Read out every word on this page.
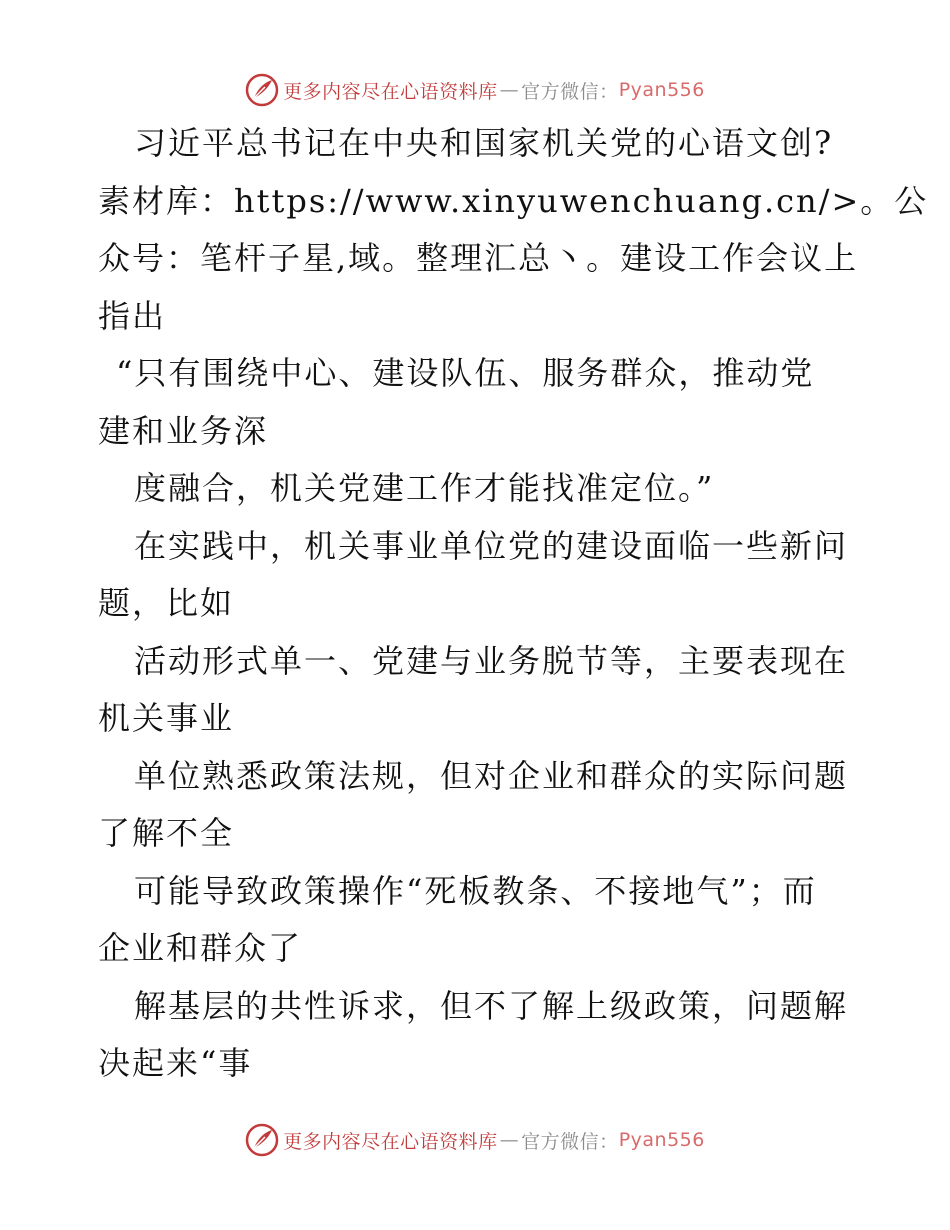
更多内容尽在心语资料库 — 官方微信： Pyan556
习近平总书记在中央和国家机关党的心语文创?
素材库：https://www.xinyuwenchuang.cn/>。公
众号：笔杆子星,域。整理汇总丶。建设工作会议上
指出
“只有围绕中心、建设队伍、服务群众，推动党
建和业务深
度融合，机关党建工作才能找准定位。”
在实践中，机关事业单位党的建设面临一些新问
题，比如
活动形式单一、党建与业务脱节等，主要表现在
机关事业
单位熟悉政策法规，但对企业和群众的实际问题
了解不全
可能导致政策操作“死板教条、不接地气”；而
企业和群众了
解基层的共性诉求，但不了解上级政策，问题解
决起来“事
更多内容尽在心语资料库 — 官方微信： Pyan556
